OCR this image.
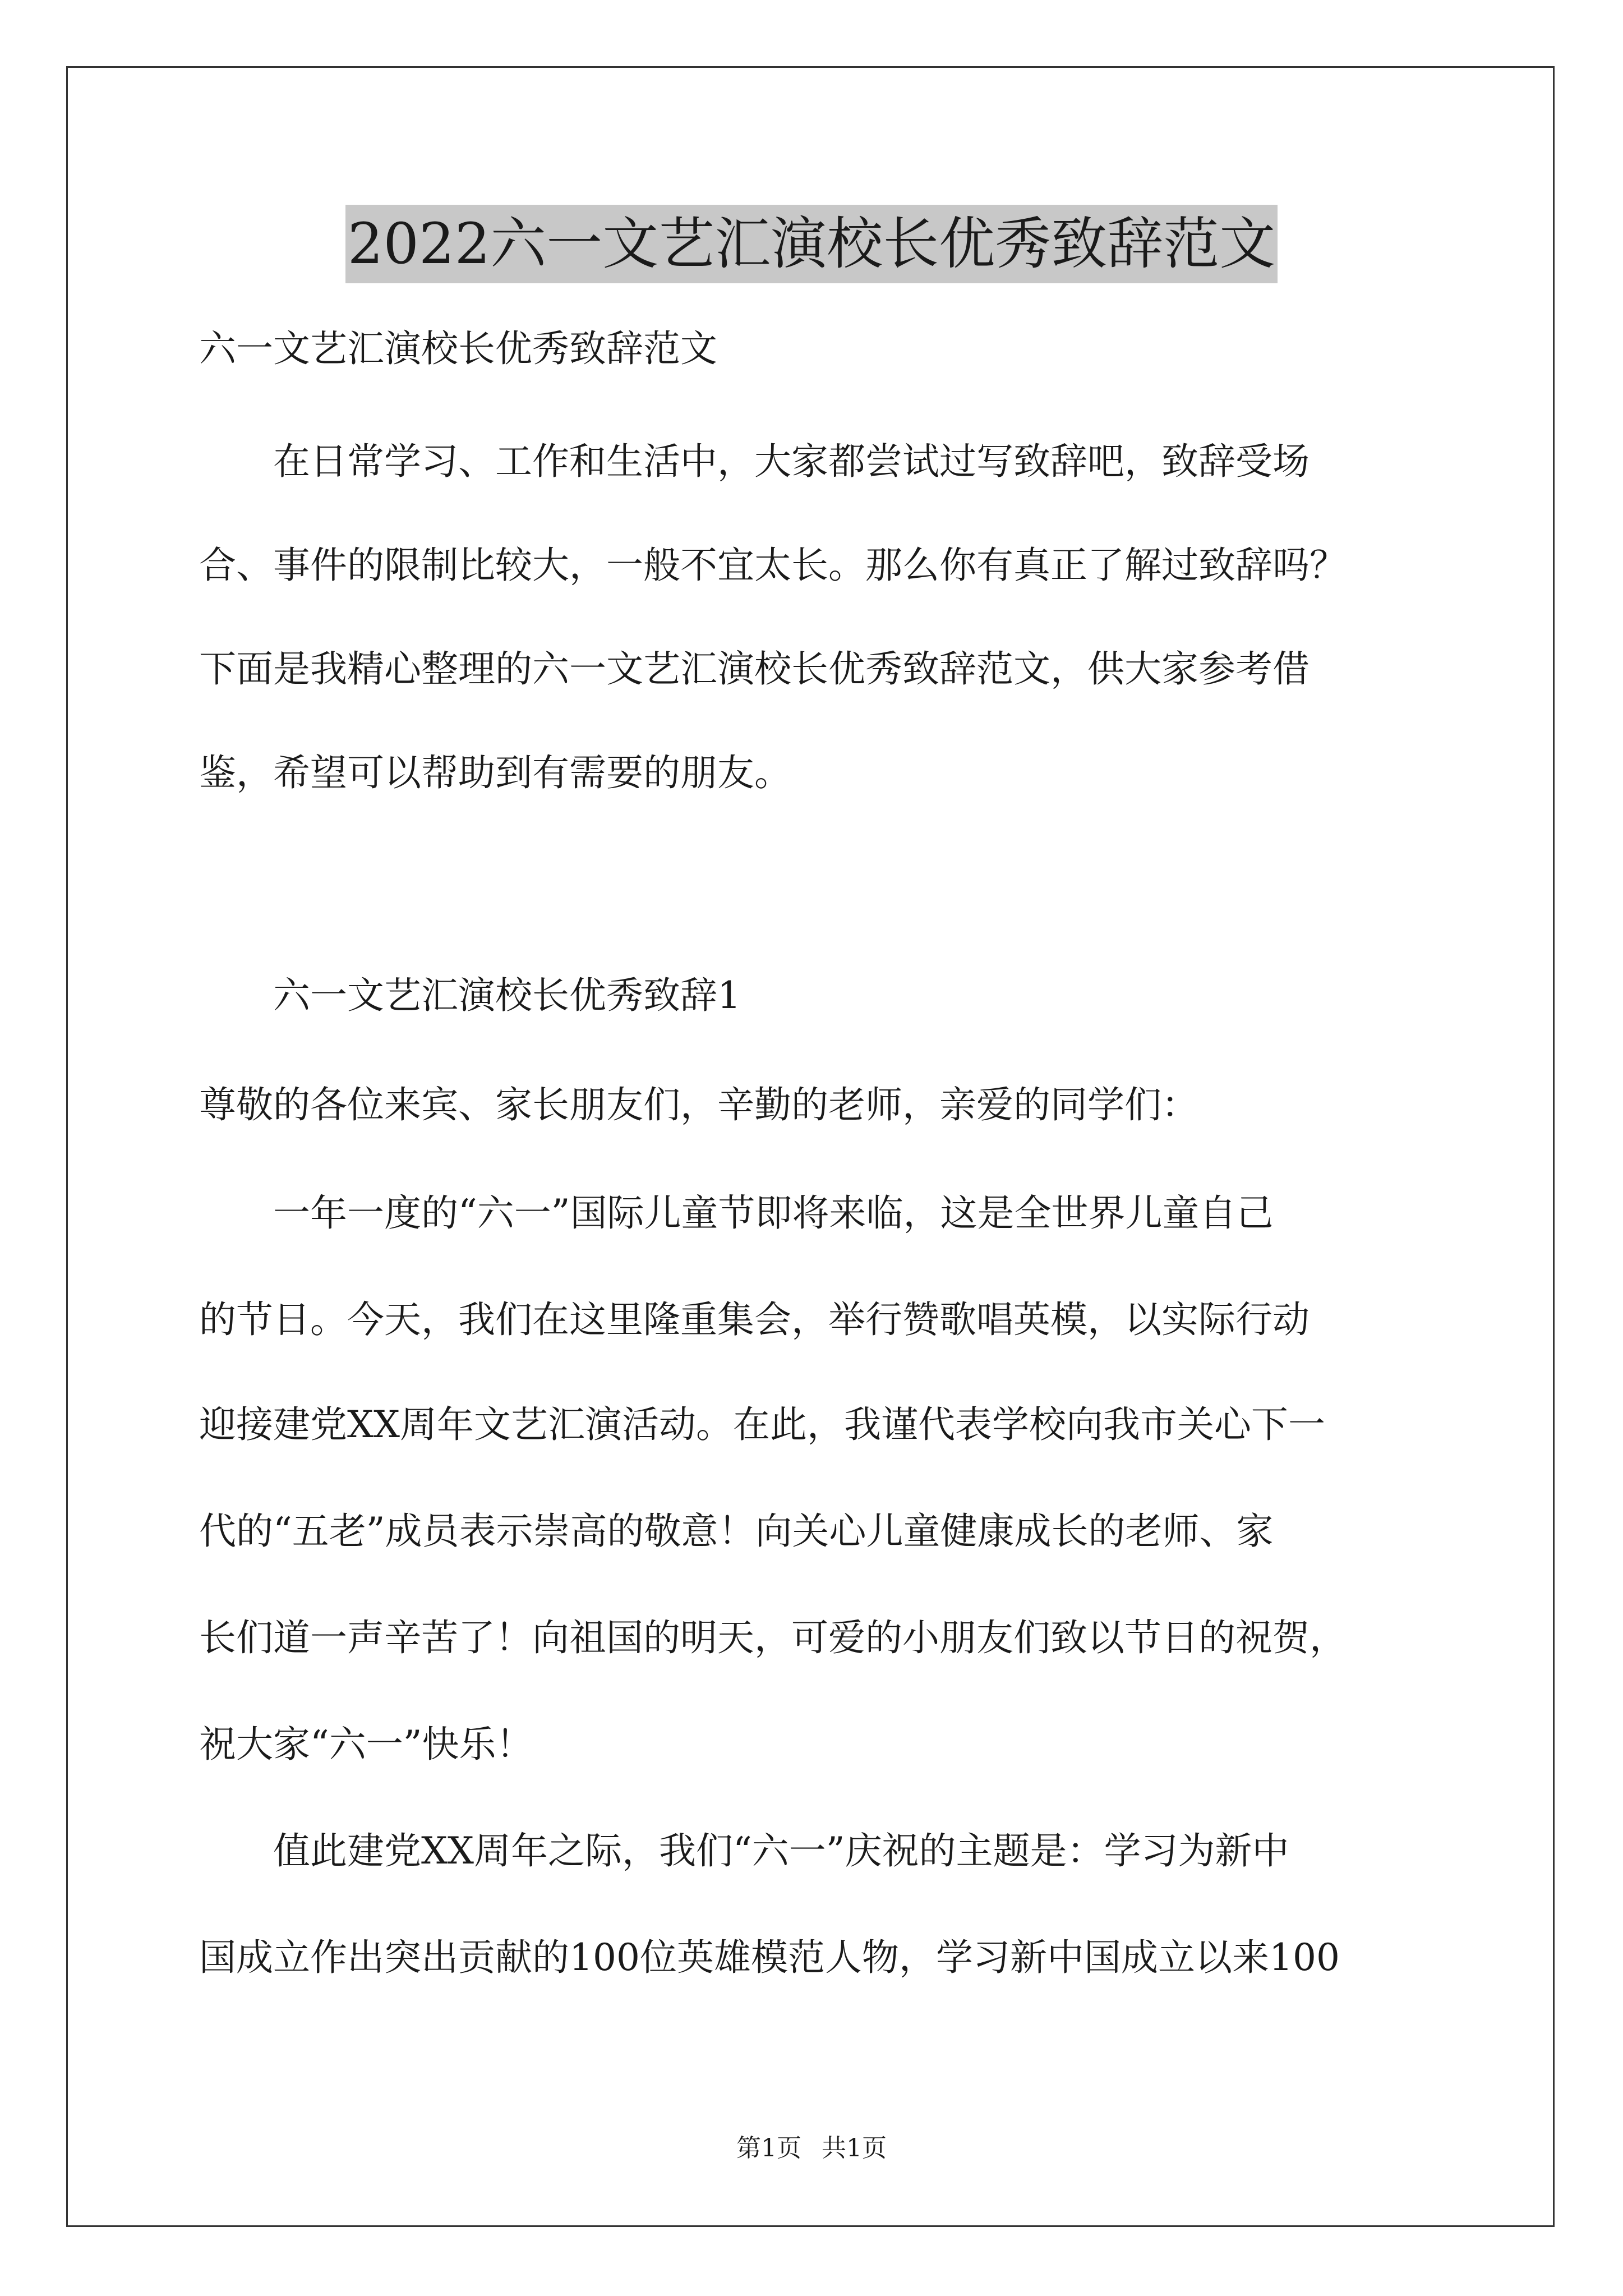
2022六一文艺汇演校长优秀致辞范文
六一文艺汇演校长优秀致辞范文
　　在日常学习、工作和生活中，大家都尝试过写致辞吧，致辞受场
合、事件的限制比较大，一般不宜太长。那么你有真正了解过致辞吗？
下面是我精心整理的六一文艺汇演校长优秀致辞范文，供大家参考借
鉴，希望可以帮助到有需要的朋友。
　　六一文艺汇演校长优秀致辞1
尊敬的各位来宾、家长朋友们，辛勤的老师，亲爱的同学们：
　　一年一度的“六一”国际儿童节即将来临，这是全世界儿童自己
的节日。今天，我们在这里隆重集会，举行赞歌唱英模，以实际行动
迎接建党XX周年文艺汇演活动。在此，我谨代表学校向我市关心下一
代的“五老”成员表示崇高的敬意！向关心儿童健康成长的老师、家
长们道一声辛苦了！向祖国的明天，可爱的小朋友们致以节日的祝贺，
祝大家“六一”快乐！
　　值此建党XX周年之际，我们“六一”庆祝的主题是：学习为新中
国成立作出突出贡献的100位英雄模范人物，学习新中国成立以来100
第1页 共1页
